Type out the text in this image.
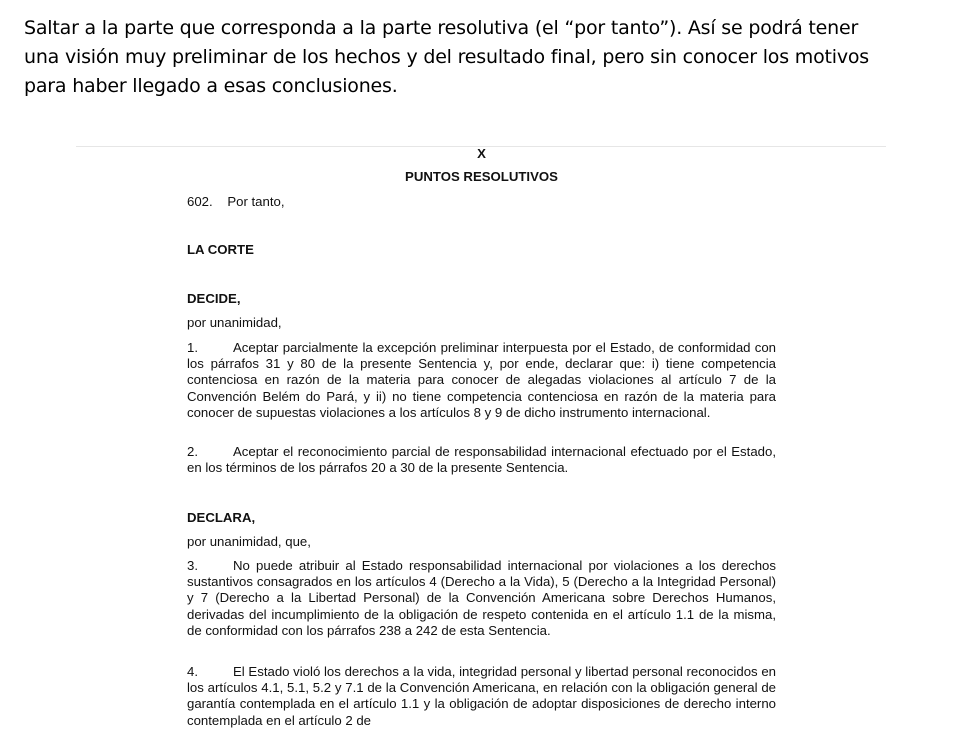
Saltar a la parte que corresponda a la parte resolutiva (el “por tanto”). Así se podrá tener
una visión muy preliminar de los hechos y del resultado final, pero sin conocer los motivos
para haber llegado a esas conclusiones.
X
PUNTOS RESOLUTIVOS
602.    Por tanto,
LA CORTE
DECIDE,
por unanimidad,
1.	Aceptar parcialmente la excepción preliminar interpuesta por el Estado, de conformidad con los párrafos 31 y 80 de la presente Sentencia y, por ende, declarar que: i) tiene competencia contenciosa en razón de la materia para conocer de alegadas violaciones al artículo 7 de la Convención Belém do Pará, y ii) no tiene competencia contenciosa en razón de la materia para conocer de supuestas violaciones a los artículos 8 y 9 de dicho instrumento internacional.
2.	Aceptar el reconocimiento parcial de responsabilidad internacional efectuado por el Estado, en los términos de los párrafos 20 a 30 de la presente Sentencia.
DECLARA,
por unanimidad, que,
3.	No puede atribuir al Estado responsabilidad internacional por violaciones a los derechos sustantivos consagrados en los artículos 4 (Derecho a la Vida), 5 (Derecho a la Integridad Personal) y 7 (Derecho a la Libertad Personal) de la Convención Americana sobre Derechos Humanos, derivadas del incumplimiento de la obligación de respeto contenida en el artículo 1.1 de la misma, de conformidad con los párrafos 238 a 242 de esta Sentencia.
4.	El Estado violó los derechos a la vida, integridad personal y libertad personal reconocidos en los artículos 4.1, 5.1, 5.2 y 7.1 de la Convención Americana, en relación con la obligación general de garantía contemplada en el artículo 1.1 y la obligación de adoptar disposiciones de derecho interno contemplada en el artículo 2 de
